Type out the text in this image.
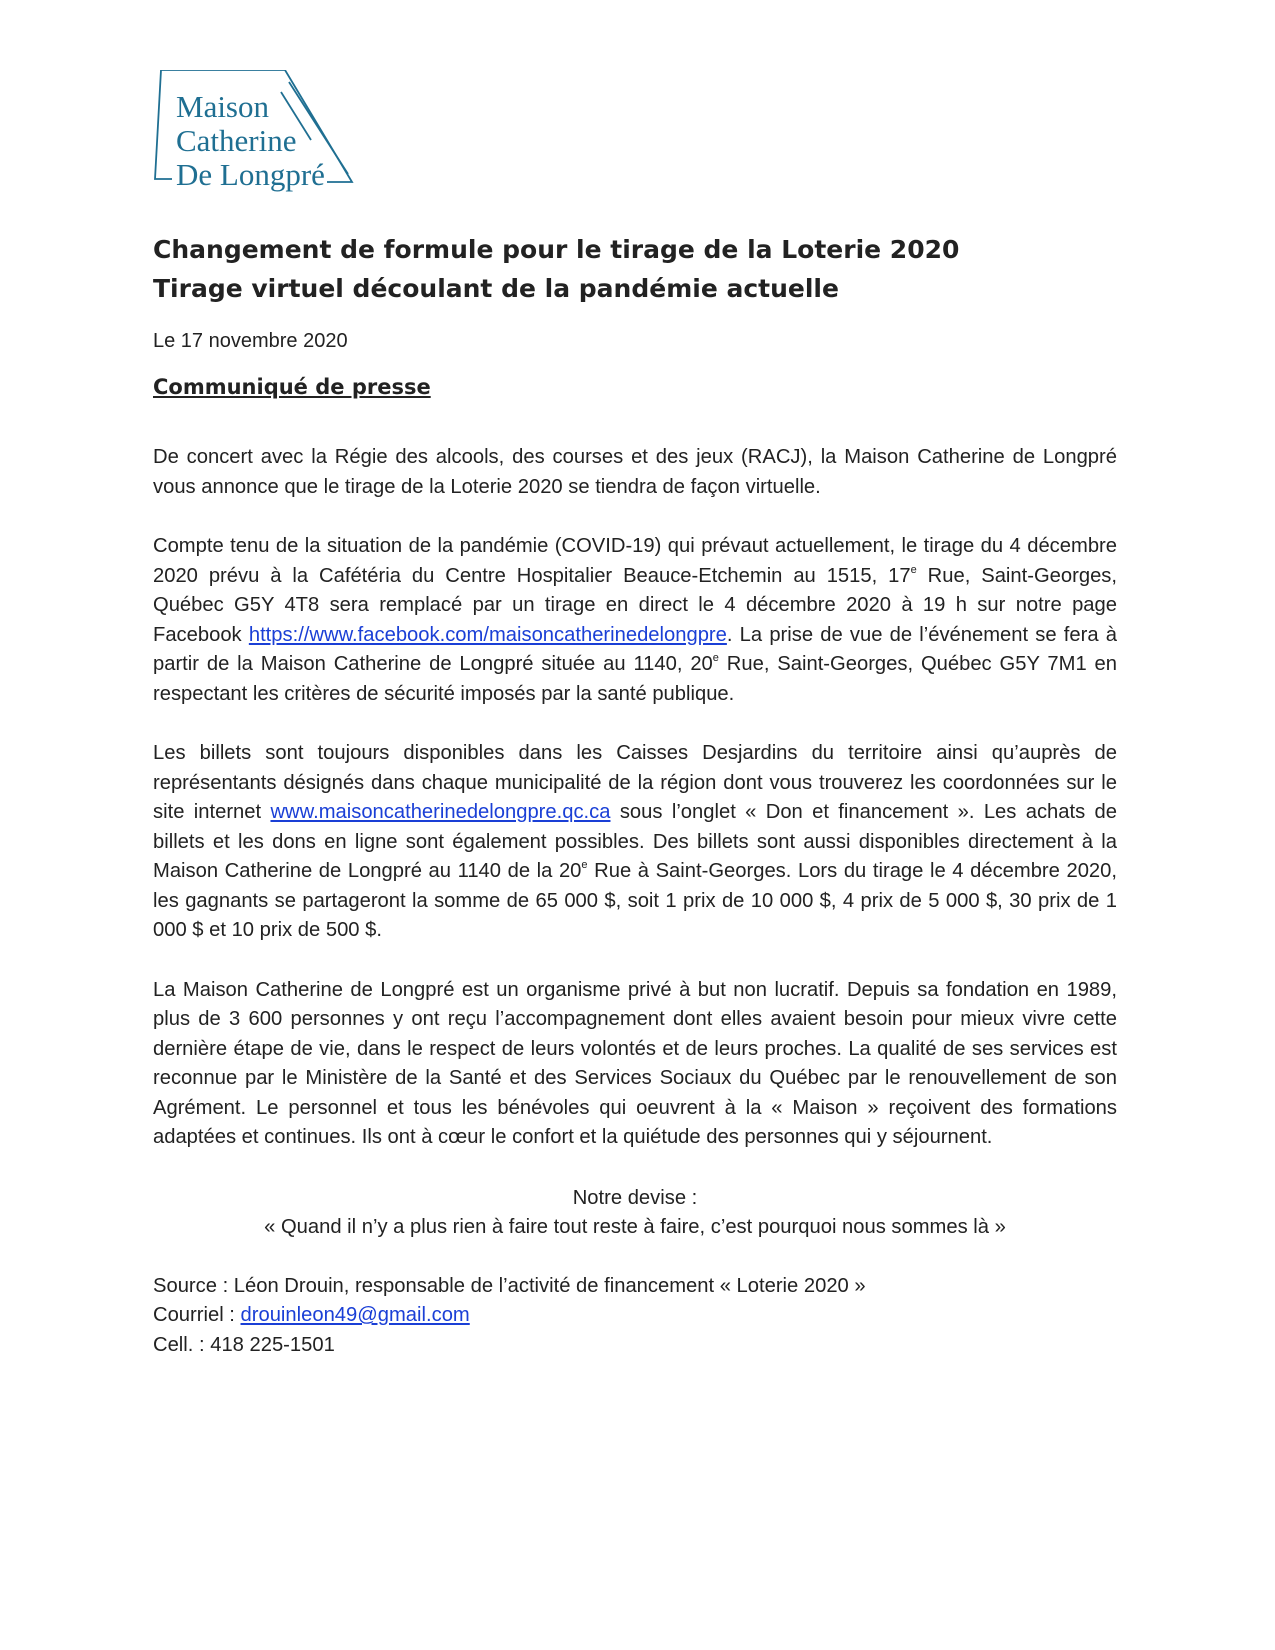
Maison
Catherine
De Longpré
Changement de formule pour le tirage de la Loterie 2020
Tirage virtuel découlant de la pandémie actuelle

Le 17 novembre 2020

Communiqué de presse

De concert avec la Régie des alcools, des courses et des jeux (RACJ), la Maison Catherine de Longpré vous annonce que le tirage de la Loterie 2020 se tiendra de façon virtuelle.

Compte tenu de la situation de la pandémie (COVID-19) qui prévaut actuellement, le tirage du 4 décembre 2020 prévu à la Cafétéria du Centre Hospitalier Beauce-Etchemin au 1515, 17e Rue, Saint-Georges, Québec G5Y 4T8 sera remplacé par un tirage en direct le 4 décembre 2020 à 19 h sur notre page Facebook https://www.facebook.com/maisoncatherinedelongpre. La prise de vue de l’événement se fera à partir de la Maison Catherine de Longpré située au 1140, 20e Rue, Saint-Georges, Québec G5Y 7M1 en respectant les critères de sécurité imposés par la santé publique.

Les billets sont toujours disponibles dans les Caisses Desjardins du territoire ainsi qu’auprès de représentants désignés dans chaque municipalité de la région dont vous trouverez les coordonnées sur le site internet www.maisoncatherinedelongpre.qc.ca sous l’onglet « Don et financement ». Les achats de billets et les dons en ligne sont également possibles. Des billets sont aussi disponibles directement à la Maison Catherine de Longpré au 1140 de la 20e Rue à Saint-Georges. Lors du tirage le 4 décembre 2020, les gagnants se partageront la somme de 65 000 $, soit 1 prix de 10 000 $, 4 prix de 5 000 $, 30 prix de 1 000 $ et 10 prix de 500 $.

La Maison Catherine de Longpré est un organisme privé à but non lucratif. Depuis sa fondation en 1989, plus de 3 600 personnes y ont reçu l’accompagnement dont elles avaient besoin pour mieux vivre cette dernière étape de vie, dans le respect de leurs volontés et de leurs proches. La qualité de ses services est reconnue par le Ministère de la Santé et des Services Sociaux du Québec par le renouvellement de son Agrément. Le personnel et tous les bénévoles qui oeuvrent à la « Maison » reçoivent des formations adaptées et continues. Ils ont à cœur le confort et la quiétude des personnes qui y séjournent.

Notre devise :
« Quand il n’y a plus rien à faire tout reste à faire, c’est pourquoi nous sommes là »
Source : Léon Drouin, responsable de l’activité de financement « Loterie 2020 »
Courriel : drouinleon49@gmail.com
Cell. : 418 225-1501
